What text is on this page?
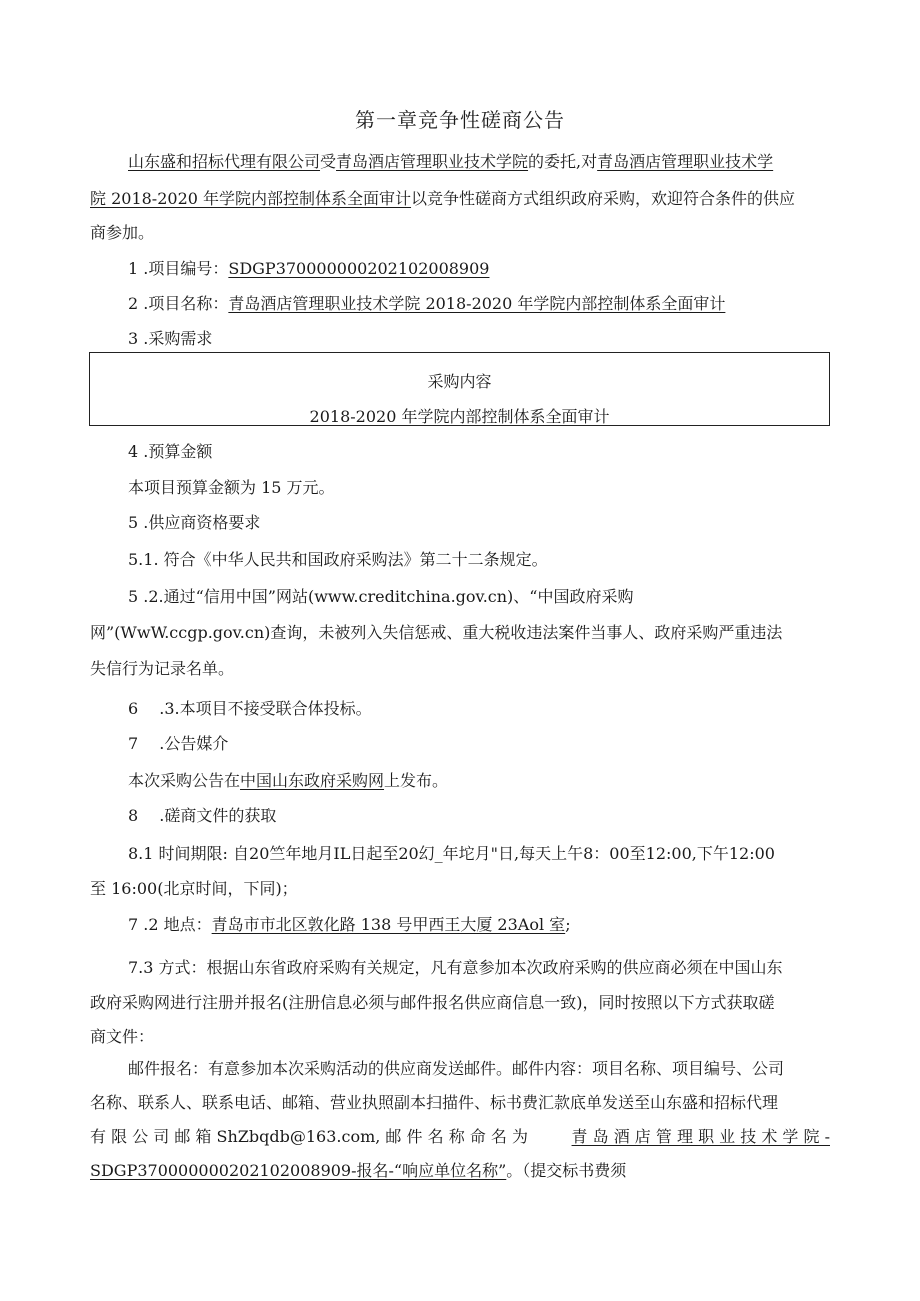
第一章竞争性磋商公告
山东盛和招标代理有限公司受青岛酒店管理职业技术学院的委托,对青岛酒店管理职业技术学
院 2018-2020 年学院内部控制体系全面审计以竞争性磋商方式组织政府采购，欢迎符合条件的供应
商参加。
1 .项目编号：SDGP370000000202102008909
2 .项目名称：青岛酒店管理职业技术学院 2018-2020 年学院内部控制体系全面审计
3 .采购需求
采购内容
2018-2020 年学院内部控制体系全面审计
4 .预算金额
本项目预算金额为 15 万元。
5 .供应商资格要求
5.1. 符合《中华人民共和国政府采购法》第二十二条规定。
5 .2.通过“信用中国”网站(www.creditchina.gov.cn)、“中国政府采购
网”(WwW.ccgp.gov.cn)查询，未被列入失信惩戒、重大税收违法案件当事人、政府采购严重违法
失信行为记录名单。
6　 .3.本项目不接受联合体投标。
7　 .公告媒介
本次采购公告在中国山东政府采购网上发布。
8　 .磋商文件的获取
8.1 时间期限: 自20竺年地月IL日起至20幻_年坨月"日,每天上午8：00至12:00,下午12:00
至 16:00(北京时间，下同)；
7 .2 地点：青岛市市北区敦化路 138 号甲西王大厦 23Aol 室;
7.3 方式：根据山东省政府采购有关规定，凡有意参加本次政府采购的供应商必须在中国山东
政府采购网进行注册并报名(注册信息必须与邮件报名供应商信息一致)，同时按照以下方式获取磋
商文件：
邮件报名：有意参加本次采购活动的供应商发送邮件。邮件内容：项目名称、项目编号、公司
名称、联系人、联系电话、邮箱、营业执照副本扫描件、标书费汇款底单发送至山东盛和招标代理
有 限 公 司 邮 箱 ShZbqdb@163.com, 邮 件 名 称 命 名 为	青 岛 酒 店 管 理 职 业 技 术 学 院 -
SDGP370000000202102008909-报名-“响应单位名称”。（提交标书费须
